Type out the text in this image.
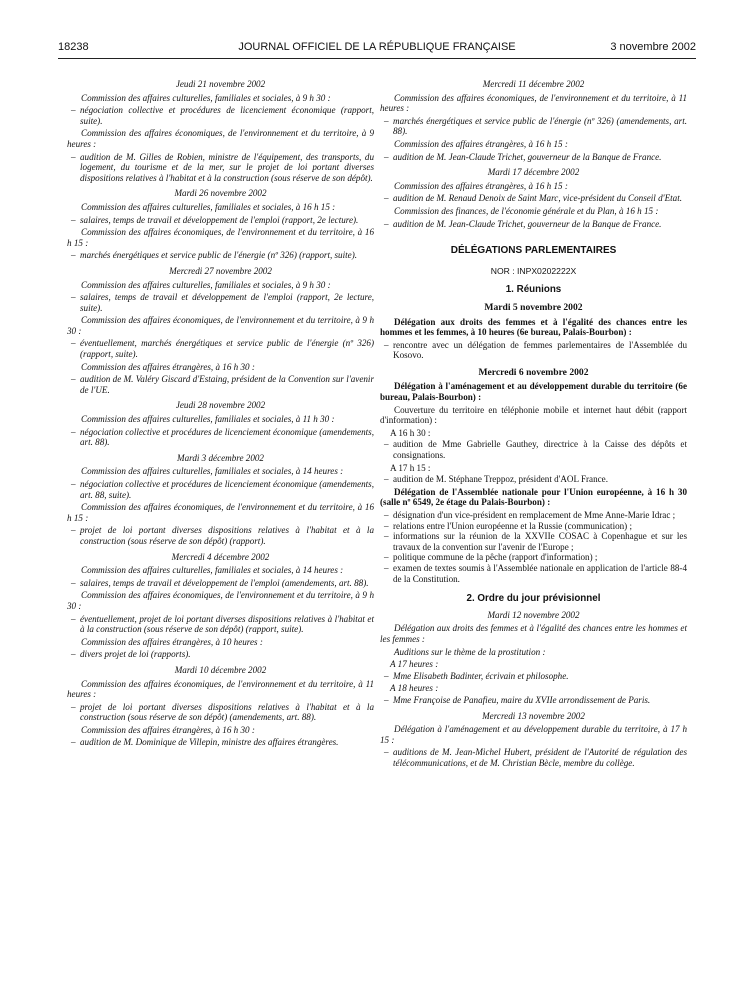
18238	JOURNAL OFFICIEL DE LA RÉPUBLIQUE FRANÇAISE	3 novembre 2002
Jeudi 21 novembre 2002

Commission des affaires culturelles, familiales et sociales, à 9 h 30 :

– négociation collective et procédures de licenciement économique (rapport, suite).

Commission des affaires économiques, de l'environnement et du territoire, à 9 heures :

– audition de M. Gilles de Robien, ministre de l'équipement, des transports, du logement, du tourisme et de la mer, sur le projet de loi portant diverses dispositions relatives à l'habitat et à la construction (sous réserve de son dépôt).
Mardi 26 novembre 2002

Commission des affaires culturelles, familiales et sociales, à 16 h 15 :

– salaires, temps de travail et développement de l'emploi (rapport, 2e lecture).

Commission des affaires économiques, de l'environnement et du territoire, à 16 h 15 :

– marchés énergétiques et service public de l'énergie (nº 326) (rapport, suite).
Mercredi 27 novembre 2002

Commission des affaires culturelles, familiales et sociales, à 9 h 30 :

– salaires, temps de travail et développement de l'emploi (rapport, 2e lecture, suite).

Commission des affaires économiques, de l'environnement et du territoire, à 9 h 30 :

– éventuellement, marchés énergétiques et service public de l'énergie (nº 326) (rapport, suite).

Commission des affaires étrangères, à 16 h 30 :

– audition de M. Valéry Giscard d'Estaing, président de la Convention sur l'avenir de l'UE.
Jeudi 28 novembre 2002

Commission des affaires culturelles, familiales et sociales, à 11 h 30 :

– négociation collective et procédures de licenciement économique (amendements, art. 88).
Mardi 3 décembre 2002

Commission des affaires culturelles, familiales et sociales, à 14 heures :

– négociation collective et procédures de licenciement économique (amendements, art. 88, suite).

Commission des affaires économiques, de l'environnement et du territoire, à 16 h 15 :

– projet de loi portant diverses dispositions relatives à l'habitat et à la construction (sous réserve de son dépôt) (rapport).
Mercredi 4 décembre 2002

Commission des affaires culturelles, familiales et sociales, à 14 heures :

– salaires, temps de travail et développement de l'emploi (amendements, art. 88).

Commission des affaires économiques, de l'environnement et du territoire, à 9 h 30 :

– éventuellement, projet de loi portant diverses dispositions relatives à l'habitat et à la construction (sous réserve de son dépôt) (rapport, suite).

Commission des affaires étrangères, à 10 heures :

– divers projet de loi (rapports).
Mardi 10 décembre 2002

Commission des affaires économiques, de l'environnement et du territoire, à 11 heures :

– projet de loi portant diverses dispositions relatives à l'habitat et à la construction (sous réserve de son dépôt) (amendements, art. 88).

Commission des affaires étrangères, à 16 h 30 :

– audition de M. Dominique de Villepin, ministre des affaires étrangères.
Mercredi 11 décembre 2002

Commission des affaires économiques, de l'environnement et du territoire, à 11 heures :

– marchés énergétiques et service public de l'énergie (nº 326) (amendements, art. 88).

Commission des affaires étrangères, à 16 h 15 :

– audition de M. Jean-Claude Trichet, gouverneur de la Banque de France.
Mardi 17 décembre 2002

Commission des affaires étrangères, à 16 h 15 :

– audition de M. Renaud Denoix de Saint Marc, vice-président du Conseil d'Etat.

Commission des finances, de l'économie générale et du Plan, à 16 h 15 :

– audition de M. Jean-Claude Trichet, gouverneur de la Banque de France.
DÉLÉGATIONS PARLEMENTAIRES
NOR : INPX0202222X
1. Réunions
Mardi 5 novembre 2002

Délégation aux droits des femmes et à l'égalité des chances entre les hommes et les femmes, à 10 heures (6e bureau, Palais-Bourbon) :

– rencontre avec un délégation de femmes parlementaires de l'Assemblée du Kosovo.
Mercredi 6 novembre 2002

Délégation à l'aménagement et au développement durable du territoire (6e bureau, Palais-Bourbon) :

Couverture du territoire en téléphonie mobile et internet haut débit (rapport d'information) :

A 16 h 30 :
– audition de Mme Gabrielle Gauthey, directrice à la Caisse des dépôts et consignations.
A 17 h 15 :
– audition de M. Stéphane Treppoz, président d'AOL France.

Délégation de l'Assemblée nationale pour l'Union européenne, à 16 h 30 (salle nº 6549, 2e étage du Palais-Bourbon) :

– désignation d'un vice-président en remplacement de Mme Anne-Marie Idrac ;
– relations entre l'Union européenne et la Russie (communication) ;
– informations sur la réunion de la XXVIIe COSAC à Copenhague et sur les travaux de la convention sur l'avenir de l'Europe ;
– politique commune de la pêche (rapport d'information) ;
– examen de textes soumis à l'Assemblée nationale en application de l'article 88-4 de la Constitution.
2. Ordre du jour prévisionnel
Mardi 12 novembre 2002

Délégation aux droits des femmes et à l'égalité des chances entre les hommes et les femmes :

Auditions sur le thème de la prostitution :

A 17 heures :
– Mme Elisabeth Badinter, écrivain et philosophe.
A 18 heures :
– Mme Françoise de Panafieu, maire du XVIIe arrondissement de Paris.
Mercredi 13 novembre 2002

Délégation à l'aménagement et au développement durable du territoire, à 17 h 15 :

– auditions de M. Jean-Michel Hubert, président de l'Autorité de régulation des télécommunications, et de M. Christian Bècle, membre du collège.
